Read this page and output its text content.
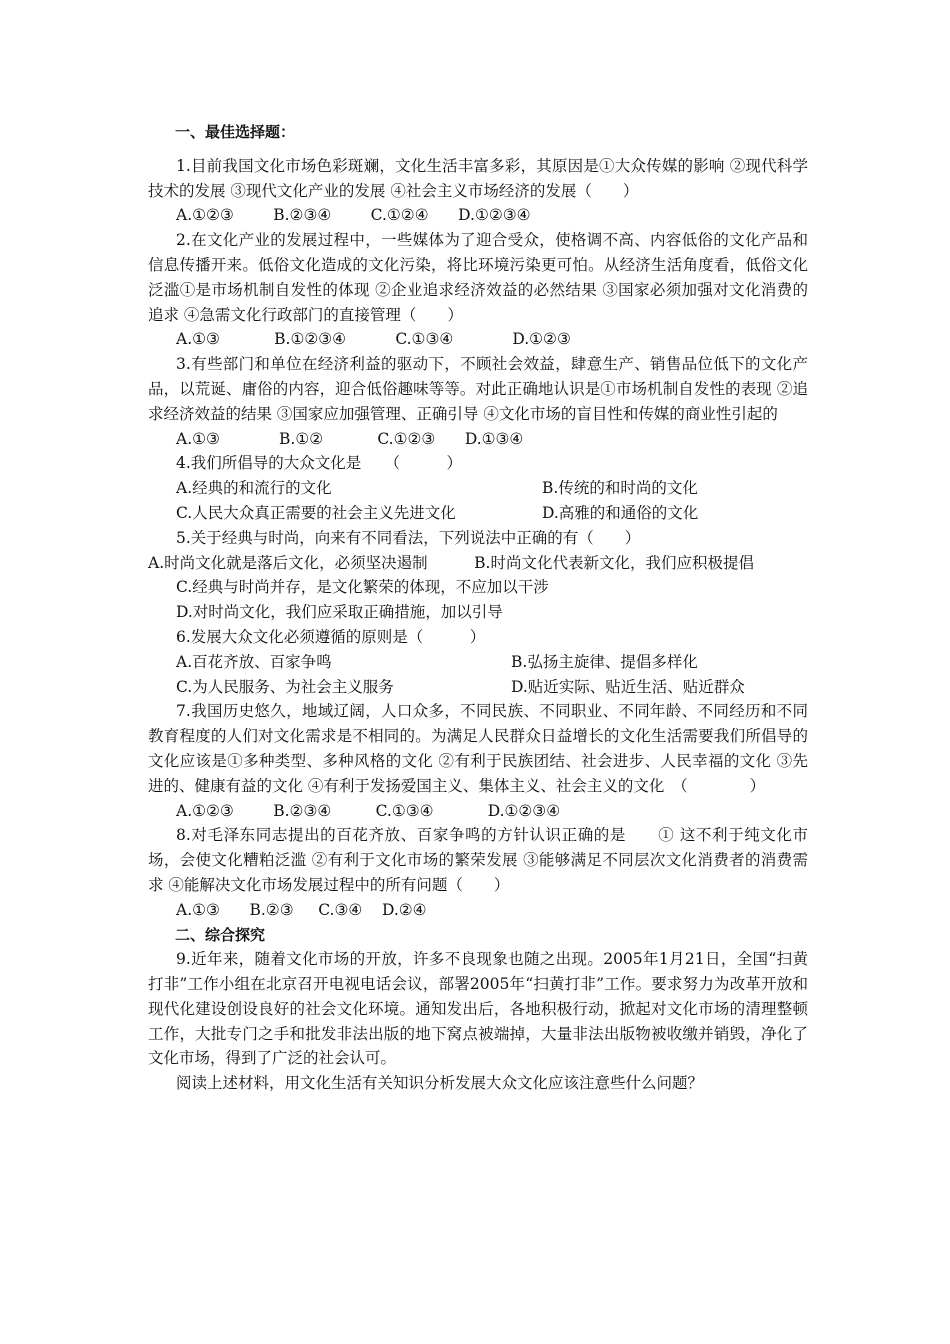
一、最佳选择题：

1.目前我国文化市场色彩斑斓，文化生活丰富多彩，其原因是①大众传媒的影响 ②现代科学技术的发展 ③现代文化产业的发展 ④社会主义市场经济的发展（　　）

A.①②③	B.②③④	C.①②④ D.①②③④

2.在文化产业的发展过程中，一些媒体为了迎合受众，使格调不高、内容低俗的文化产品和信息传播开来。低俗文化造成的文化污染，将比环境污染更可怕。从经济生活角度看，低俗文化泛滥①是市场机制自发性的体现 ②企业追求经济效益的必然结果 ③国家必须加强对文化消费的追求 ④急需文化行政部门的直接管理（　　）

A.①③	B.①②③④	C.①③④	D.①②③

3.有些部门和单位在经济利益的驱动下，不顾社会效益，肆意生产、销售品位低下的文化产品，以荒诞、庸俗的内容，迎合低俗趣味等等。对此正确地认识是①市场机制自发性的表现 ②追求经济效益的结果 ③国家应加强管理、正确引导 ④文化市场的盲目性和传媒的商业性引起的

A.①③	B.①②	C.①②③ D.①③④

4.我们所倡导的大众文化是　　（　　　）

A.经典的和流行的文化	B.传统的和时尚的文化
C.人民大众真正需要的社会主义先进文化	D.高雅的和通俗的文化

5.关于经典与时尚，向来有不同看法，下列说法中正确的有（　　）

A.时尚文化就是落后文化，必须坚决遏制　　　B.时尚文化代表新文化，我们应积极提倡

C.经典与时尚并存，是文化繁荣的体现，不应加以干涉

D.对时尚文化，我们应采取正确措施，加以引导

6.发展大众文化必须遵循的原则是（　　　）

A.百花齐放、百家争鸣	B.弘扬主旋律、提倡多样化
C.为人民服务、为社会主义服务	D.贴近实际、贴近生活、贴近群众

7.我国历史悠久，地域辽阔，人口众多，不同民族、不同职业、不同年龄、不同经历和不同教育程度的人们对文化需求是不相同的。为满足人民群众日益增长的文化生活需要我们所倡导的文化应该是①多种类型、多种风格的文化 ②有利于民族团结、社会进步、人民幸福的文化 ③先进的、健康有益的文化 ④有利于发扬爱国主义、集体主义、社会主义的文化　（　　　　）

A.①②③	B.②③④	C.①③④	D.①②③④

8.对毛泽东同志提出的百花齐放、百家争鸣的方针认识正确的是　　① 这不利于纯文化市场，会使文化糟粕泛滥 ②有利于文化市场的繁荣发展 ③能够满足不同层次文化消费者的消费需求 ④能解决文化市场发展过程中的所有问题（　　）

A.①③ B.②③ C.③④ D.②④

二、综合探究

9.近年来，随着文化市场的开放，许多不良现象也随之出现。2005年1月21日，全国“扫黄打非”工作小组在北京召开电视电话会议，部署2005年“扫黄打非”工作。要求努力为改革开放和现代化建设创设良好的社会文化环境。通知发出后，各地积极行动，掀起对文化市场的清理整顿工作，大批专门之手和批发非法出版的地下窝点被端掉，大量非法出版物被收缴并销毁，净化了文化市场，得到了广泛的社会认可。

阅读上述材料，用文化生活有关知识分析发展大众文化应该注意些什么问题？
